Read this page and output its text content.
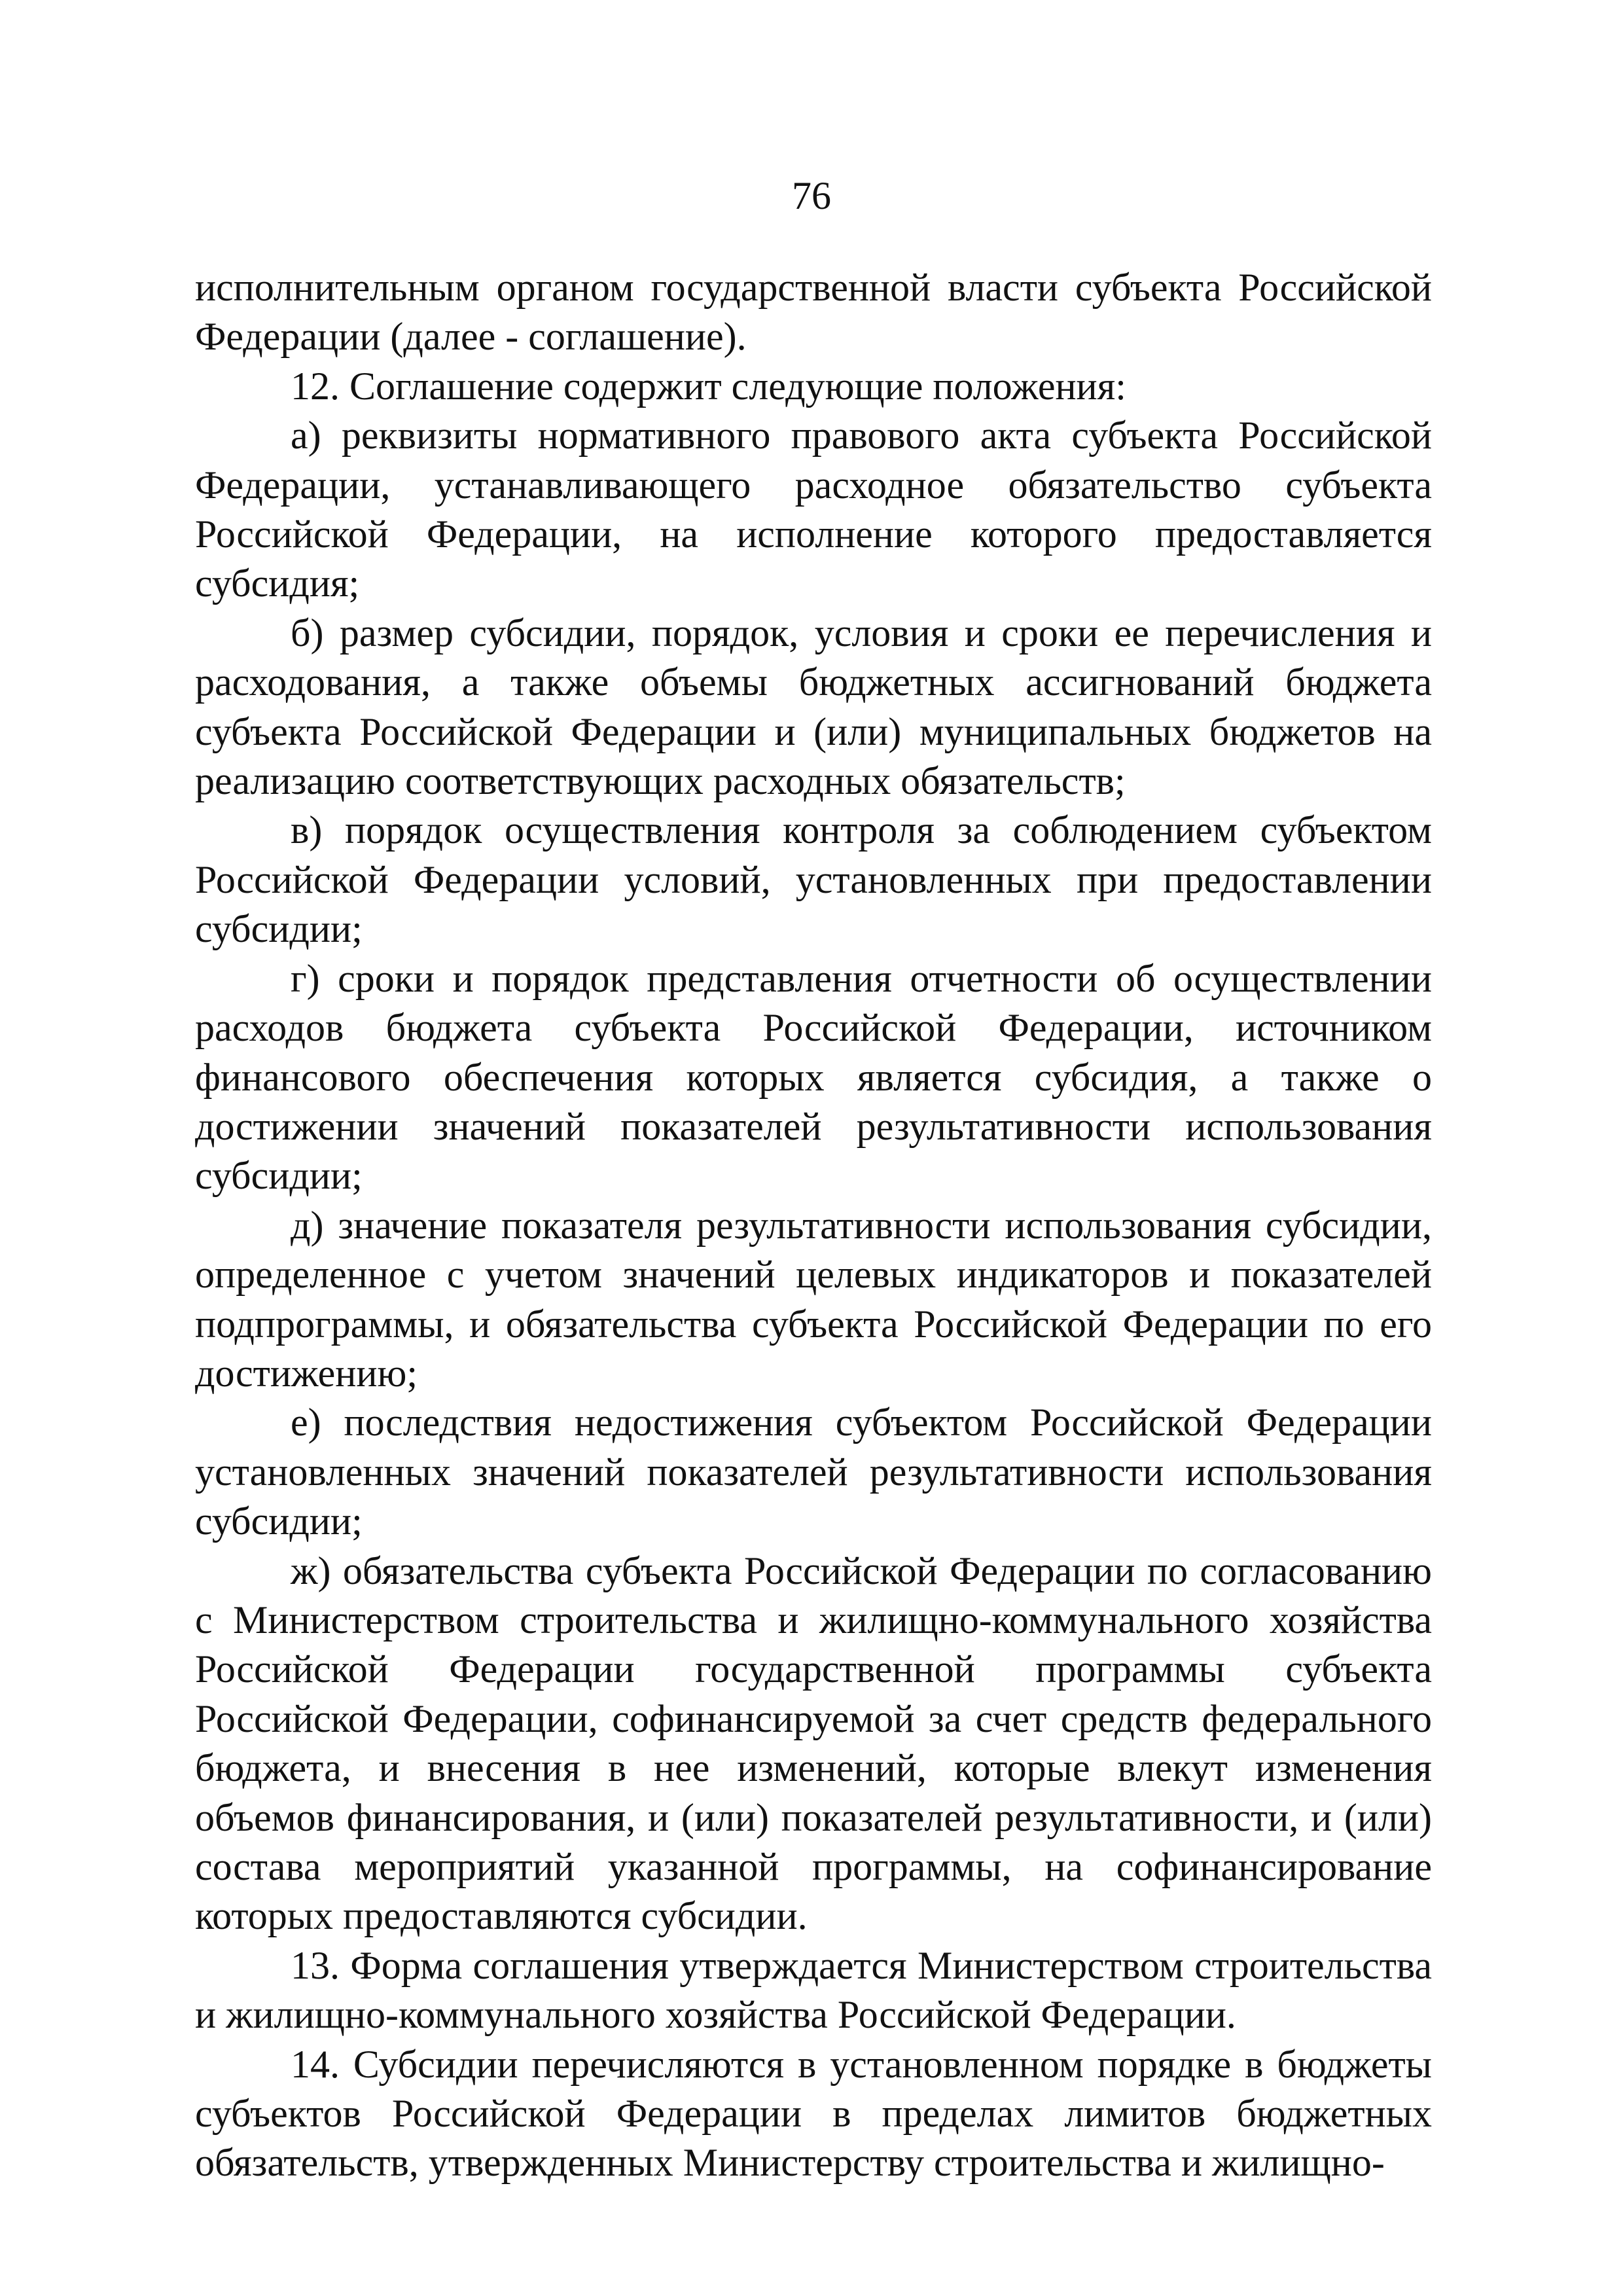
76

исполнительным органом государственной власти субъекта Российской Федерации (далее - соглашение).

12. Соглашение содержит следующие положения:

а) реквизиты нормативного правового акта субъекта Российской Федерации, устанавливающего расходное обязательство субъекта Российской Федерации, на исполнение которого предоставляется субсидия;

б) размер субсидии, порядок, условия и сроки ее перечисления и расходования, а также объемы бюджетных ассигнований бюджета субъекта Российской Федерации и (или) муниципальных бюджетов на реализацию соответствующих расходных обязательств;

в) порядок осуществления контроля за соблюдением субъектом Российской Федерации условий, установленных при предоставлении субсидии;

г) сроки и порядок представления отчетности об осуществлении расходов бюджета субъекта Российской Федерации, источником финансового обеспечения которых является субсидия, а также о достижении значений показателей результативности использования субсидии;

д) значение показателя результативности использования субсидии, определенное с учетом значений целевых индикаторов и показателей подпрограммы, и обязательства субъекта Российской Федерации по его достижению;

е) последствия недостижения субъектом Российской Федерации установленных значений показателей результативности использования субсидии;

ж) обязательства субъекта Российской Федерации по согласованию с Министерством строительства и жилищно-коммунального хозяйства Российской Федерации государственной программы субъекта Российской Федерации, софинансируемой за счет средств федерального бюджета, и внесения в нее изменений, которые влекут изменения объемов финансирования, и (или) показателей результативности, и (или) состава мероприятий указанной программы, на софинансирование которых предоставляются субсидии.

13. Форма соглашения утверждается Министерством строительства и жилищно-коммунального хозяйства Российской Федерации.

14. Субсидии перечисляются в установленном порядке в бюджеты субъектов Российской Федерации в пределах лимитов бюджетных обязательств, утвержденных Министерству строительства и жилищно-
